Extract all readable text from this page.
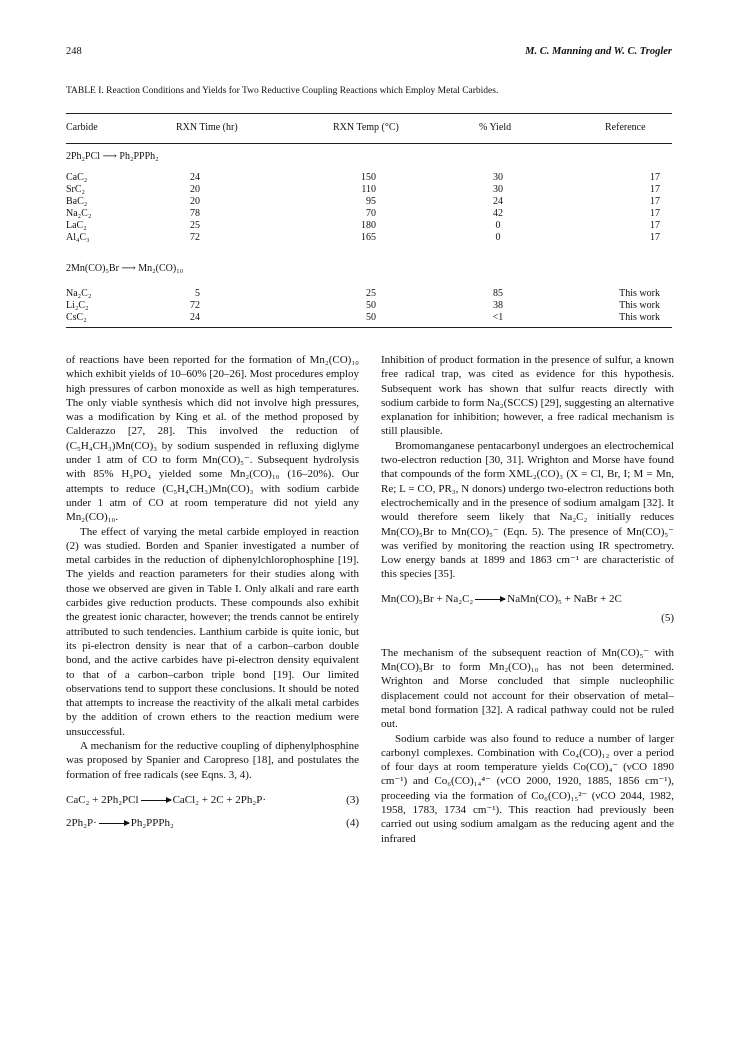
248	M. C. Manning and W. C. Trogler
TABLE I. Reaction Conditions and Yields for Two Reductive Coupling Reactions which Employ Metal Carbides.
Carbide	RXN Time (hr)	RXN Temp (°C)	% Yield	Reference
2Ph₂PCl ⟶ Ph₂PPPh₂
CaC₂	24	150	30	17
SrC₂	20	110	30	17
BaC₂	20	95	24	17
Na₂C₂	78	70	42	17
LaC₂	25	180	0	17
Al₄C₃	72	165	0	17
2Mn(CO)₅Br ⟶ Mn₂(CO)₁₀
Na₂C₂	5	25	85	This work
Li₂C₂	72	50	38	This work
CsC₂	24	50	<1	This work

of reactions have been reported for the formation of Mn₂(CO)₁₀ which exhibit yields of 10–60% [20–26]. Most procedures employ high pressures of carbon monoxide as well as high temperatures. The only viable synthesis which did not involve high pressures, was a modification by King et al. of the method proposed by Calderazzo [27, 28]. This involved the reduction of (C₅H₄CH₃)Mn(CO)₃ by sodium suspended in refluxing diglyme under 1 atm of CO to form Mn(CO)₅⁻. Subsequent hydrolysis with 85% H₃PO₄ yielded some Mn₂(CO)₁₀ (16–20%). Our attempts to reduce (C₅H₄CH₃)Mn(CO)₃ with sodium carbide under 1 atm of CO at room temperature did not yield any Mn₂(CO)₁₀.

The effect of varying the metal carbide employed in reaction (2) was studied. Borden and Spanier investigated a number of metal carbides in the reduction of diphenylchlorophosphine [19]. The yields and reaction parameters for their studies along with those we observed are given in Table I. Only alkali and rare earth carbides give reduction products. These compounds also exhibit the greatest ionic character, however; the trends cannot be entirely attributed to such tendencies. Lanthium carbide is quite ionic, but its pi-electron density is near that of a carbon–carbon double bond, and the active carbides have pi-electron density equivalent to that of a carbon–carbon triple bond [19]. Our limited observations tend to support these conclusions. It should be noted that attempts to increase the reactivity of the alkali metal carbides by the addition of crown ethers to the reaction medium were unsuccessful.

A mechanism for the reductive coupling of diphenylphosphine was proposed by Spanier and Caropreso [18], and postulates the formation of free radicals (see Eqns. 3, 4).

CaC₂ + 2Ph₂PCl → CaCl₂ + 2C + 2Ph₂P·	(3)
2Ph₂P· → Ph₂PPPh₂	(4)

Inhibition of product formation in the presence of sulfur, a known free radical trap, was cited as evidence for this hypothesis. Subsequent work has shown that sulfur reacts directly with sodium carbide to form Na₂(SCCS) [29], suggesting an alternative explanation for inhibition; however, a free radical mechanism is still plausible.

Bromomanganese pentacarbonyl undergoes an electrochemical two-electron reduction [30, 31]. Wrighton and Morse have found that compounds of the form XML₂(CO)₃ (X = Cl, Br, I; M = Mn, Re; L = CO, PR₃, N donors) undergo two-electron reductions both electrochemically and in the presence of sodium amalgam [32]. It would therefore seem likely that Na₂C₂ initially reduces Mn(CO)₅Br to Mn(CO)₅⁻ (Eqn. 5). The presence of Mn(CO)₅⁻ was verified by monitoring the reaction using IR spectrometry. Low energy bands at 1899 and 1863 cm⁻¹ are characteristic of this species [35].

Mn(CO)₅Br + Na₂C₂ → NaMn(CO)₅ + NaBr + 2C
(5)

The mechanism of the subsequent reaction of Mn(CO)₅⁻ with Mn(CO)₅Br to form Mn₂(CO)₁₀ has not been determined. Wrighton and Morse concluded that simple nucleophilic displacement could not account for their observation of metal–metal bond formation [32]. A radical pathway could not be ruled out.

Sodium carbide was also found to reduce a number of larger carbonyl complexes. Combination with Co₄(CO)₁₂ over a period of four days at room temperature yields Co(CO)₄⁻ (νCO 1890 cm⁻¹) and Co₆(CO)₁₄⁴⁻ (νCO 2000, 1920, 1885, 1856 cm⁻¹), proceeding via the formation of Co₆(CO)₁₅²⁻ (νCO 2044, 1982, 1958, 1783, 1734 cm⁻¹). This reaction had previously been carried out using sodium amalgam as the reducing agent and the infrared
